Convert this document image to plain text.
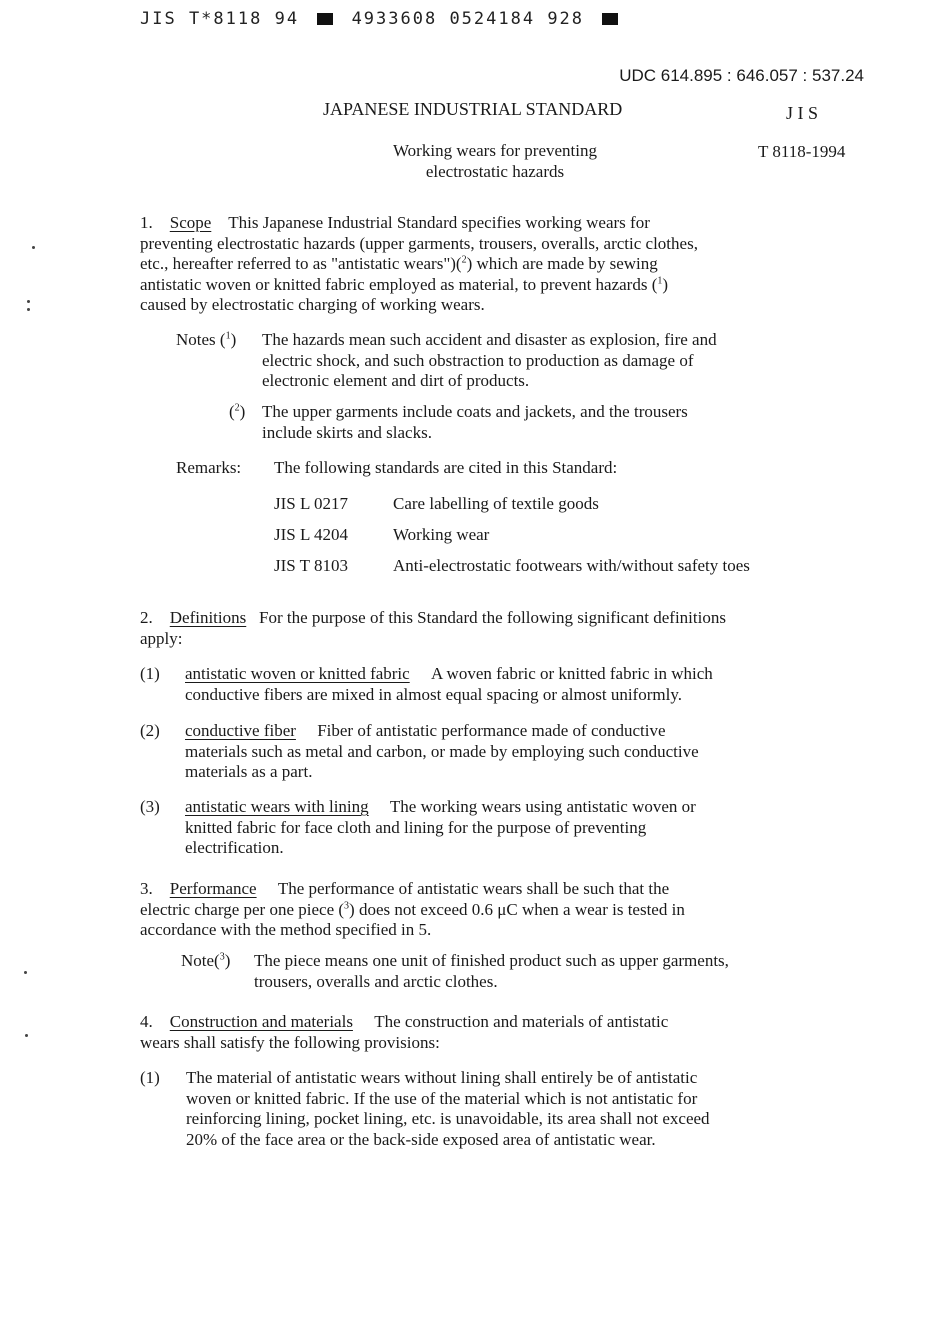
JIS T*8118 94	4933608 0524184 928
UDC 614.895 : 646.057 : 537.24
JAPANESE INDUSTRIAL STANDARD	J I S
Working wears for preventing
electrostatic hazards
T 8118-1994
1. Scope This Japanese Industrial Standard specifies working wears for
preventing electrostatic hazards (upper garments, trousers, overalls, arctic clothes,
etc., hereafter referred to as "antistatic wears")($^2$) which are made by sewing
antistatic woven or knitted fabric employed as material, to prevent hazards ($^1$)
caused by electrostatic charging of working wears.
Notes ($^1$) The hazards mean such accident and disaster as explosion, fire and
electric shock, and such obstraction to production as damage of
electronic element and dirt of products.
($^2$) The upper garments include coats and jackets, and the trousers
include skirts and slacks.
Remarks: The following standards are cited in this Standard:
JIS L 0217	Care labelling of textile goods
JIS L 4204	Working wear
JIS T 8103	Anti-electrostatic footwears with/without safety toes
2. Definitions For the purpose of this Standard the following significant definitions
apply:
(1) antistatic woven or knitted fabric A woven fabric or knitted fabric in which
conductive fibers are mixed in almost equal spacing or almost uniformly.
(2) conductive fiber Fiber of antistatic performance made of conductive
materials such as metal and carbon, or made by employing such conductive
materials as a part.
(3) antistatic wears with lining The working wears using antistatic woven or
knitted fabric for face cloth and lining for the purpose of preventing
electrification.
3. Performance The performance of antistatic wears shall be such that the
electric charge per one piece ($^3$) does not exceed 0.6 μC when a wear is tested in
accordance with the method specified in 5.
Note($^3$) The piece means one unit of finished product such as upper garments,
trousers, overalls and arctic clothes.
4. Construction and materials The construction and materials of antistatic
wears shall satisfy the following provisions:
(1) The material of antistatic wears without lining shall entirely be of antistatic
woven or knitted fabric. If the use of the material which is not antistatic for
reinforcing lining, pocket lining, etc. is unavoidable, its area shall not exceed
20% of the face area or the back-side exposed area of antistatic wear.
